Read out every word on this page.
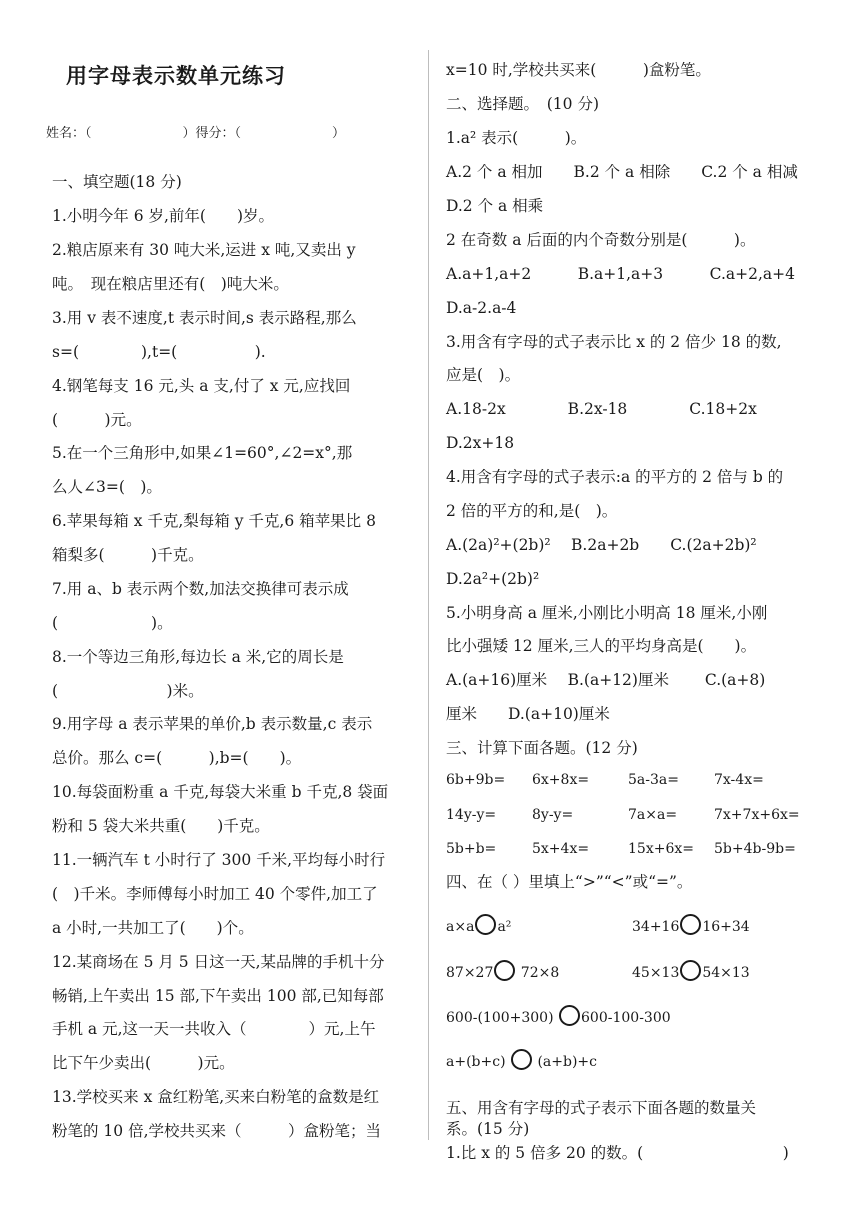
用字母表示数单元练习
姓名：（　　　　　　　）得分：（　　　　　　　）
一、填空题(18 分)
1.小明今年 6 岁,前年(　　)岁。
2.粮店原来有 30 吨大米,运进 x 吨,又卖出 y
吨。　现在粮店里还有(　)吨大米。
3.用 v 表不速度,t 表示时间,s 表示路程,那么
s=(　　　　),t=(　　　　　).
4.钢笔每支 16 元,头 a 支,付了 x 元,应找回
(　　　)元。
5.在一个三角形中,如果∠1=60°,∠2=x°,那
么人∠3=(　)。
6.苹果每箱 x 千克,梨每箱 y 千克,6 箱苹果比 8
箱梨多(　　　)千克。
7.用 a、b 表示两个数,加法交换律可表示成
(　　　　　　)。
8.一个等边三角形,每边长 a 米,它的周长是
(　　　　　　　)米。
9.用字母 a 表示苹果的单价,b 表示数量,c 表示
总价。那么 c=(　　　),b=(　　)。
10.每袋面粉重 a 千克,每袋大米重 b 千克,8 袋面
粉和 5 袋大米共重(　　)千克。
11.一辆汽车 t 小时行了 300 千米,平均每小时行
(　)千米。李师傅每小时加工 40 个零件,加工了
a 小时,一共加工了(　　)个。
12.某商场在 5 月 5 日这一天,某品牌的手机十分
畅销,上午卖出 15 部,下午卖出 100 部,已知每部
手机 a 元,这一天一共收入（　　　　）元,上午
比下午少卖出(　　　)元。
13.学校买来 x 盒红粉笔,买来白粉笔的盒数是红
粉笔的 10 倍,学校共买来（　　　）盒粉笔；当
x=10 时,学校共买来(　　　)盒粉笔。
二、选择题。　(10 分)
1.a² 表示(　　　)。
A.2 个 a 相加　　B.2 个 a 相除　　C.2 个 a 相减
D.2 个 a 相乘
2 在奇数 a 后面的内个奇数分别是(　　　)。
A.a+1,a+2　　　B.a+1,a+3　　　C.a+2,a+4
D.a-2.a-4
3.用含有字母的式子表示比 x 的 2 倍少 18 的数,
应是(　)。
A.18-2x　　　　B.2x-18　　　　C.18+2x
D.2x+18
4.用含有字母的式子表示:a 的平方的 2 倍与 b 的
2 倍的平方的和,是(　)。
A.(2a)²+(2b)²　 B.2a+2b　　C.(2a+2b)²
D.2a²+(2b)²
5.小明身高 a 厘米,小刚比小明高 18 厘米,小刚
比小强矮 12 厘米,三人的平均身高是(　　)。
A.(a+16)厘米　 B.(a+12)厘米　　 C.(a+8)
厘米　　D.(a+10)厘米
三、计算下面各题。(12 分)
6b+9b= 6x+8x=	5a-3a=	7x-4x=
14y-y=	8y-y=	7a×a=	7x+7x+6x=
5b+b=	5x+4x=	15x+6x= 5b+4b-9b=
四、在（ ）里填上“>”“<”或“=”。
a×a a²	34+16 16+34
87×27 72×8	45×13 54×13
600-(100+300) 600-100-300
a+(b+c) (a+b)+c
五、用含有字母的式子表示下面各题的数量关
系。(15 分)
1.比 x 的 5 倍多 20 的数。(　　　　　　　　　)
